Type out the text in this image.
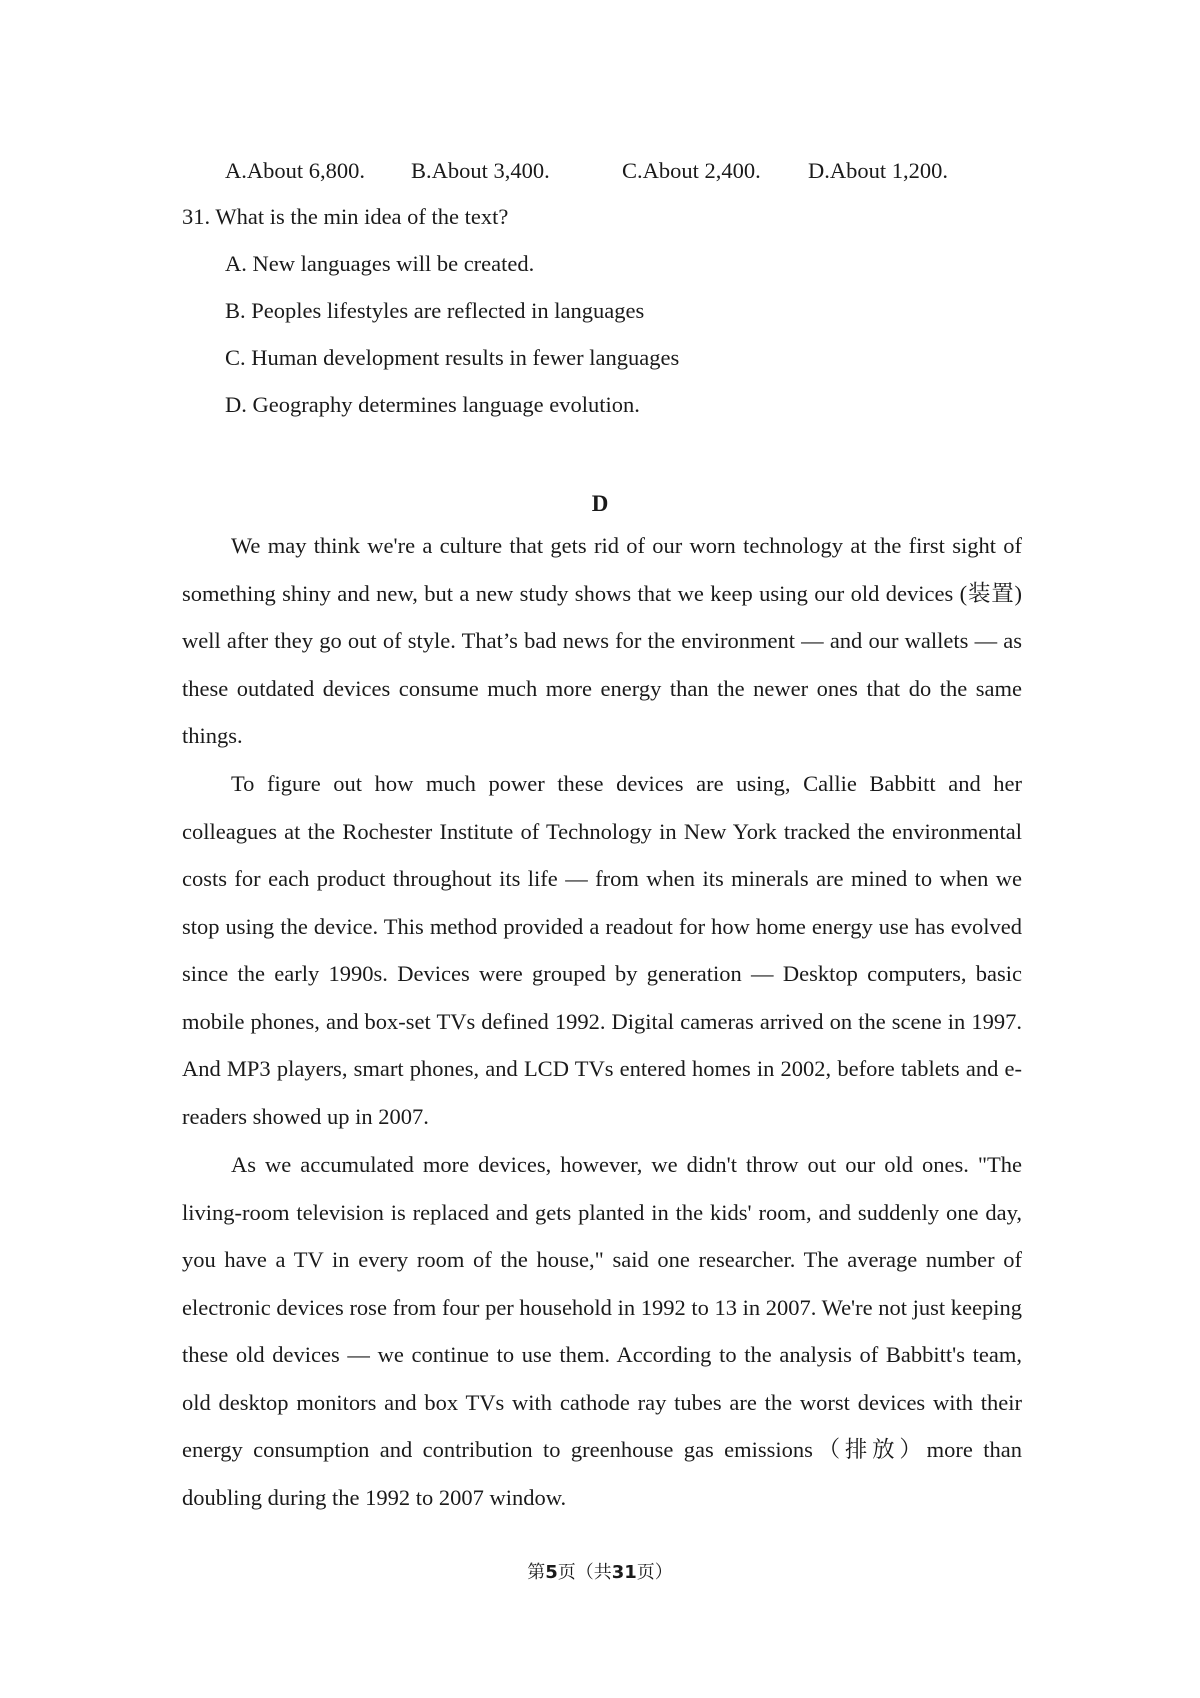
A.About 6,800. B.About 3,400.	C.About 2,400. D.About 1,200.
31. What is the min idea of the text?
A. New languages will be created.
B. Peoples lifestyles are reflected in languages
C. Human development results in fewer languages
D. Geography determines language evolution.
D

We may think we're a culture that gets rid of our worn technology at the first sight of something shiny and new, but a new study shows that we keep using our old devices (装置) well after they go out of style. That’s bad news for the environment — and our wallets — as these outdated devices consume much more energy than the newer ones that do the same things.

To figure out how much power these devices are using, Callie Babbitt and her colleagues at the Rochester Institute of Technology in New York tracked the environmental costs for each product throughout its life — from when its minerals are mined to when we stop using the device. This method provided a readout for how home energy use has evolved since the early 1990s. Devices were grouped by generation — Desktop computers, basic mobile phones, and box-set TVs defined 1992. Digital cameras arrived on the scene in 1997. And MP3 players, smart phones, and LCD TVs entered homes in 2002, before tablets and e-readers showed up in 2007.

As we accumulated more devices, however, we didn't throw out our old ones. "The living-room television is replaced and gets planted in the kids' room, and suddenly one day, you have a TV in every room of the house," said one researcher. The average number of electronic devices rose from four per household in 1992 to 13 in 2007. We're not just keeping these old devices — we continue to use them. According to the analysis of Babbitt's team, old desktop monitors and box TVs with cathode ray tubes are the worst devices with their energy consumption and contribution to greenhouse gas emissions（排放）more than doubling during the 1992 to 2007 window.

第5页（共31页）
